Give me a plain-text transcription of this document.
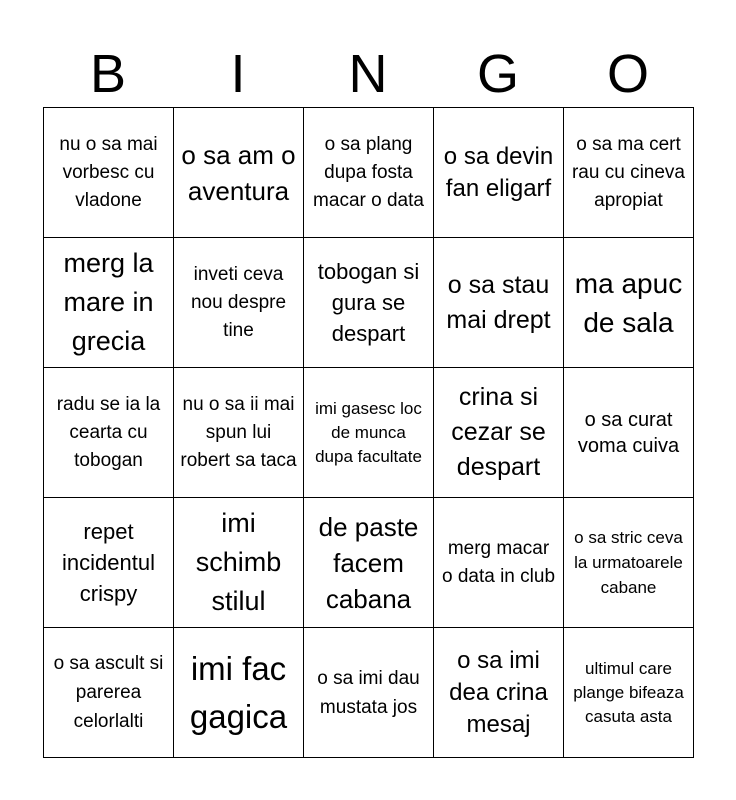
B	I	N	G	O
nu o sa mai vorbesc cu vladone	o sa am o aventura	o sa plang dupa fosta macar o data	o sa devin fan eligarf	o sa ma cert rau cu cineva apropiat
merg la mare in grecia	inveti ceva nou despre tine	tobogan si gura se despart	o sa stau mai drept	ma apuc de sala
radu se ia la cearta cu tobogan	nu o sa ii mai spun lui robert sa taca	imi gasesc loc de munca dupa facultate	crina si cezar se despart	o sa curat voma cuiva
repet incidentul crispy	imi schimb stilul	de paste facem cabana	merg macar o data in club	o sa stric ceva la urmatoarele cabane
o sa ascult si parerea celorlalti	imi fac gagica	o sa imi dau mustata jos	o sa imi dea crina mesaj	ultimul care plange bifeaza casuta asta
